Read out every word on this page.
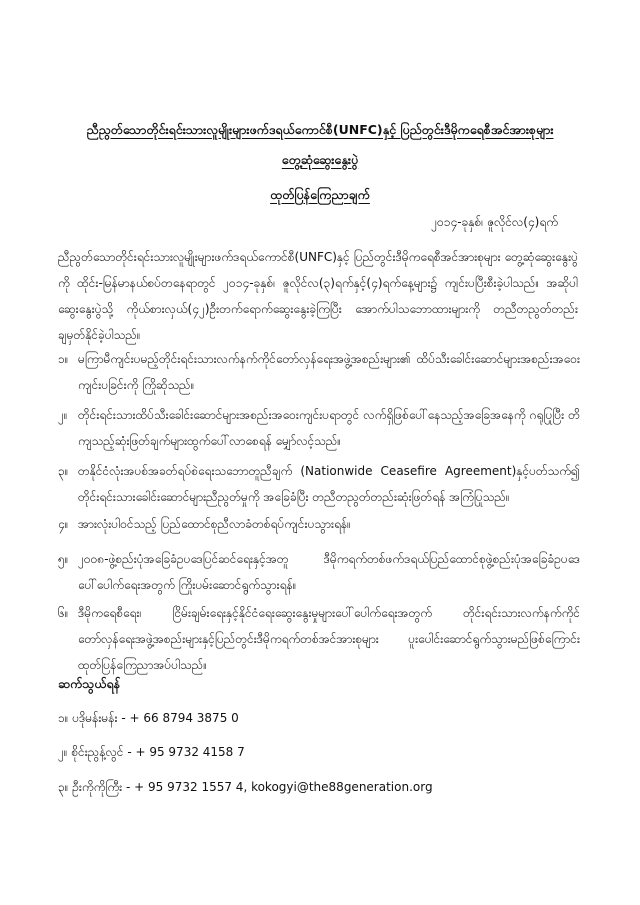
ညီညွတ်သောတိုင်းရင်းသားလူမျိုးများဖက်ဒရယ်ကောင်စီ(UNFC)နှင့် ပြည်တွင်းဒီမိုကရေစီအင်အားစုများ
တွေ့ဆုံဆွေးနွေးပွဲ
ထုတ်ပြန်ကြေညာချက်
၂၀၁၄-ခုနှစ်၊ ဇူလိုင်လ(၄)ရက်
ညီညွတ်သောတိုင်းရင်းသားလူမျိုးများဖက်ဒရယ်ကောင်စီ(UNFC)နှင့် ပြည်တွင်းဒီမိုကရေစီအင်အားစုများ တွေ့ဆုံဆွေးနွေးပွဲကို ထိုင်း-မြန်မာနယ်စပ်တနေရာတွင် ၂၀၁၄-ခုနှစ်၊ ဇူလိုင်လ(၃)ရက်နှင့်(၄)ရက်နေ့များ၌ ကျင်းပပြီးစီးခဲ့ပါသည်။ အဆိုပါဆွေးနွေးပွဲသို့ ကိုယ်စားလှယ်(၄၂)ဦးတက်ရောက်ဆွေးနွေးခဲ့ကြပြီး အောက်ပါသဘောထားများကို တညီတညွတ်တည်း ချမှတ်နိုင်ခဲ့ပါသည်။
၁။ မကြာမီကျင်းပမည့်တိုင်းရင်းသားလက်နက်ကိုင်တော်လှန်ရေးအဖွဲ့အစည်းများ၏ ထိပ်သီးခေါင်းဆောင်များအစည်းအဝေးကျင်းပခြင်းကို ကြိုဆိုသည်။
၂။ တိုင်းရင်းသားထိပ်သီးခေါင်းဆောင်များအစည်းအဝေးကျင်းပရာတွင် လက်ရှိဖြစ်ပေါ်နေသည့်အခြေအနေကို ဂရုပြုပြီး တိကျသည့်ဆုံးဖြတ်ချက်များထွက်ပေါ်လာစေရန် မျှော်လင့်သည်။
၃။ တနိုင်ငံလုံးအပစ်အခတ်ရပ်စဲရေးသဘောတူညီချက် (Nationwide Ceasefire Agreement)နှင့်ပတ်သက်၍ တိုင်းရင်းသားခေါင်းဆောင်များညီညွတ်မှုကို အခြေခံပြီး တညီတညွတ်တည်းဆုံးဖြတ်ရန် အကြံပြုသည်။
၄။ အားလုံးပါဝင်သည့် ပြည်ထောင်စုညီလာခံတစ်ရပ်ကျင်းပသွားရန်။
၅။ ၂၀၀၈-ဖွဲ့စည်းပုံအခြေခံဥပဒေပြင်ဆင်ရေးနှင့်အတူ ဒီမိုကရက်တစ်ဖက်ဒရယ်ပြည်ထောင်စုဖွဲ့စည်းပုံအခြေခံဥပဒေ ပေါ်ပေါက်ရေးအတွက် ကြိုးပမ်းဆောင်ရွက်သွားရန်။
၆။ ဒီမိုကရေစီရေး၊ ငြိမ်းချမ်းရေးနှင့်နိုင်ငံရေးဆွေးနွေးမှုများပေါ်ပေါက်ရေးအတွက် တိုင်းရင်းသားလက်နက်ကိုင်တော်လှန်ရေးအဖွဲ့အစည်းများနှင့်ပြည်တွင်းဒီမိုကရက်တစ်အင်အားစုများ ပူးပေါင်းဆောင်ရွက်သွားမည်ဖြစ်ကြောင်း ထုတ်ပြန်ကြေညာအပ်ပါသည်။
ဆက်သွယ်ရန်
၁။ ပဒိုမန်းမန်း - + 66 8794 3875 0
၂။ စိုင်းညွန့်လွင် - + 95 9732 4158 7
၃။ ဦးကိုကိုကြီး - + 95 9732 1557 4, kokogyi@the88generation.org
